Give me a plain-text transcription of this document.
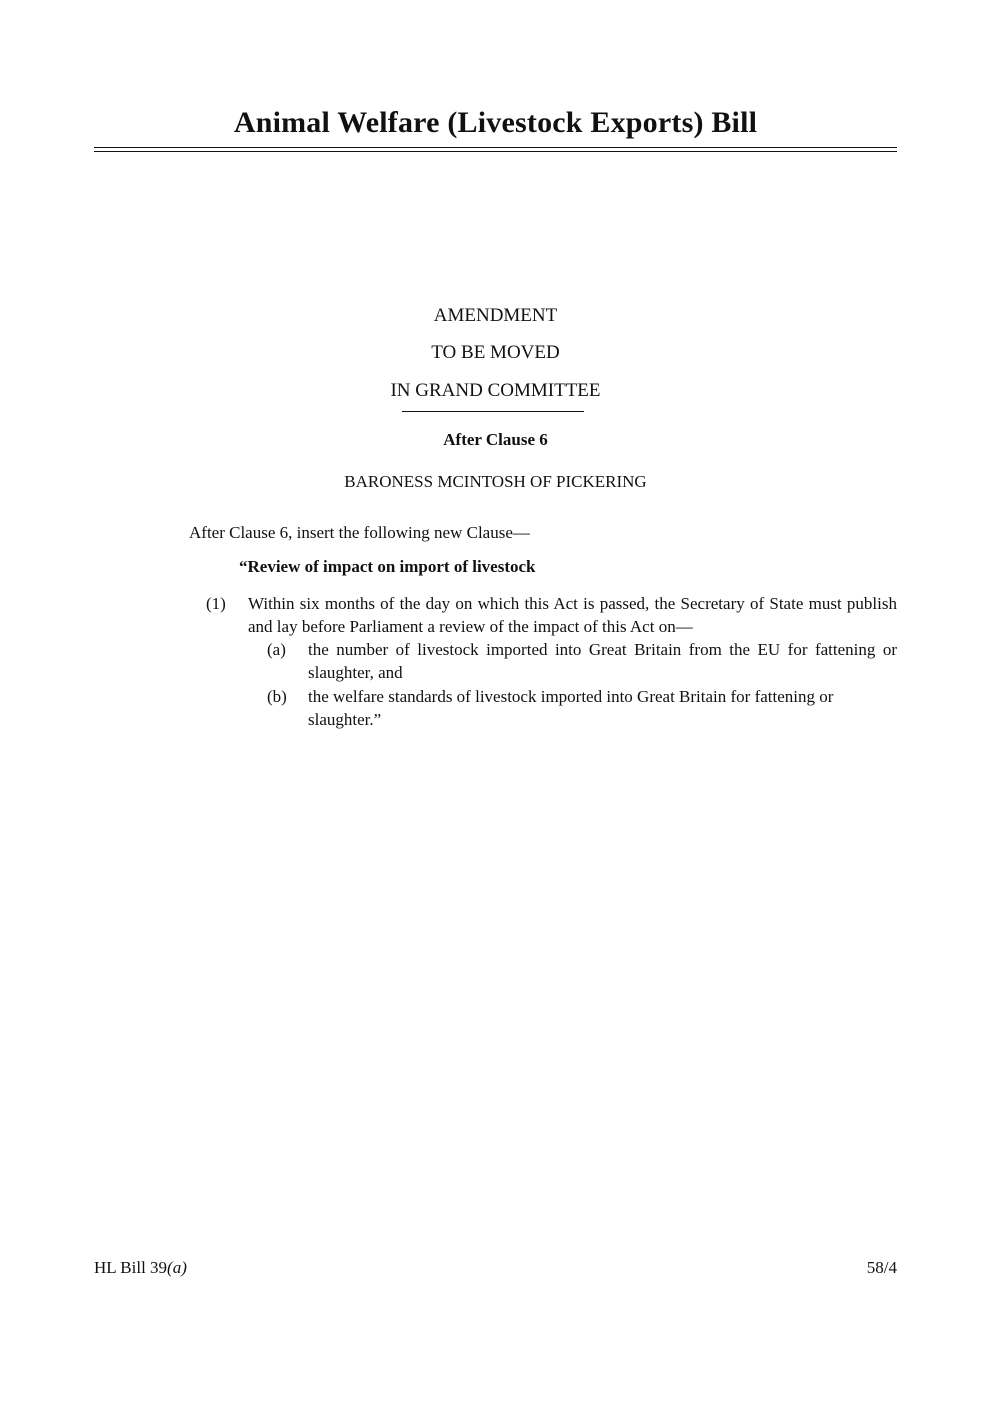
Animal Welfare (Livestock Exports) Bill
AMENDMENT
TO BE MOVED
IN GRAND COMMITTEE
After Clause 6
BARONESS MCINTOSH OF PICKERING
After Clause 6, insert the following new Clause—
“Review of impact on import of livestock
(1) Within six months of the day on which this Act is passed, the Secretary of State must publish and lay before Parliament a review of the impact of this Act on—
(a) the number of livestock imported into Great Britain from the EU for fattening or slaughter, and
(b) the welfare standards of livestock imported into Great Britain for fattening or slaughter.”
HL Bill 39(a)	58/4
